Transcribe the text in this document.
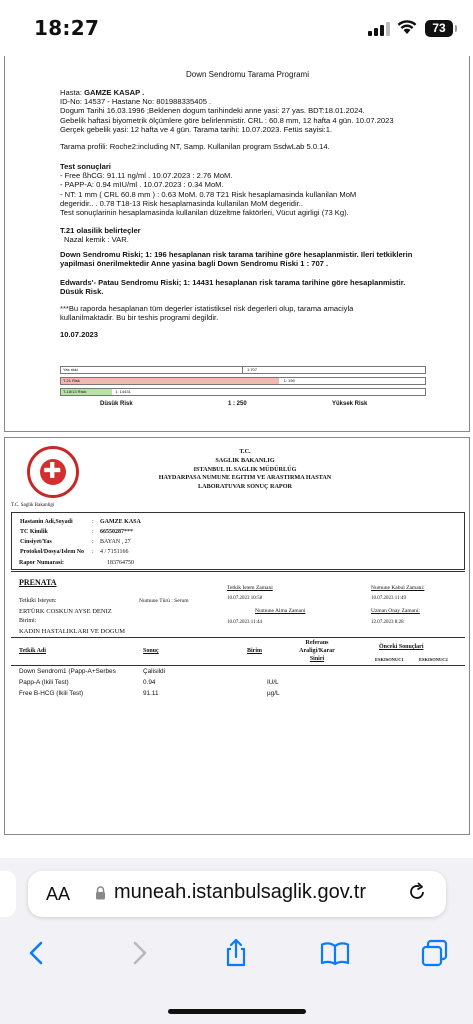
18:27	73
Down Sendromu Tarama Programi

Hasta: GAMZE KASAP .

ID-No: 14537 - Hastane No: 801988335405 .

Dogum Tarihi 16.03.1996 ;Beklenen dogum tarihindeki anne yasi: 27 yas. BDT:18.01.2024.

Gebelik haftasi biyometrik ölçümlere göre belirlenmistir. CRL : 60.8 mm, 12 hafta 4 gün. 10.07.2023

Gerçek gebelik yasi: 12 hafta ve 4 gün. Tarama tarihi: 10.07.2023. Fetüs sayisi:1.

Tarama profili: Roche2:including NT, Samp. Kullanilan program SsdwLab 5.0.14.

Test sonuçlari

- Free ßhCG: 91.11 ng/ml . 10.07.2023 : 2.76 MoM.

- PAPP-A: 0.94 mIU/ml . 10.07.2023 : 0.34 MoM.

- NT: 1 mm ( CRL 60.8 mm ) : 0.63 MoM. 0.78 T21 Risk hesaplamasinda kullanilan MoM

degeridir.. . 0.78 T18-13 Risk hesaplamasinda kullanilan MoM degeridir..

Test sonuçlarinin hesaplamasinda kullanilan düzeltme faktörleri, Vücut agirligi (73 Kg).

T.21 olasilik belirteçler

Nazal kemik : VAR.

Down Sendromu Riski; 1: 196 hesaplanan risk tarama tarihine göre hesaplanmistir. Ileri tetkiklerin

yapilmasi önerilmektedir Anne yasina bagli Down Sendromu Riski 1 : 707 .

Edwards'- Patau Sendromu Riski; 1: 14431 hesaplanan risk tarama tarihine göre hesaplanmistir.

Düsük Risk.

***Bu raporda hesaplanan tüm degerler istatistiksel risk degerleri olup, tarama amaciyla

kullanilmaktadir. Bu bir teshis programi degildir.

10.07.2023

Yas riski	1:707
T-21 Risk	1: 196
T-18/13 Riski	1: 14431
Düsük Risk	1 : 250	Yüksek Risk
✚
T.C. Saglik Bakanligi
T.C.
SAGLIK BAKANLIG
ISTANBUL IL SAGLIK MÜDÜRLÜG
HAYDARPASA NUMUNE EGITIM VE ARASTIRMA HASTAN
LABORATUVAR SONUÇ RAPOR
Hastanin Adi,Soyadi	: GAMZE KASA
TC Kimlik	: 66550287***
Cinsiyet/Yas	: BAYAN , 27
Protokol/Dosya/Islem No : 4 / 7151166
Rapor Numarasi:	183764750
PRENATA
Tetkiki Isteyen:	Numune Türü : Serum
ERTÜRK COSKUN AYSE DENIZ
Birimi:
KADIN HASTALIKLARI VE DOGUM
Tetkik Istem Zamani
10.07.2023 10:58
Numune Alma Zamani
10.07.2023 11:44
Numune Kabul Zamani:
10.07.2023 11:49
Uzman Onay Zamani:
12.07.2023 8:28
Tetkik Adi	Sonuç	Birim
Referans
Araligi/Karar
Siniri
Önceki Sonuçlari
ESKISONUC1	ESKISONUC2
Down Sendrom1 (Papp-A+Serbes	Çalisildi
Papp-A (Ikili Test)	0.94	IU/L
Free B-HCG (Ikili Test)	91.11	µg/L
AA muneah.istanbulsaglik.gov.tr
